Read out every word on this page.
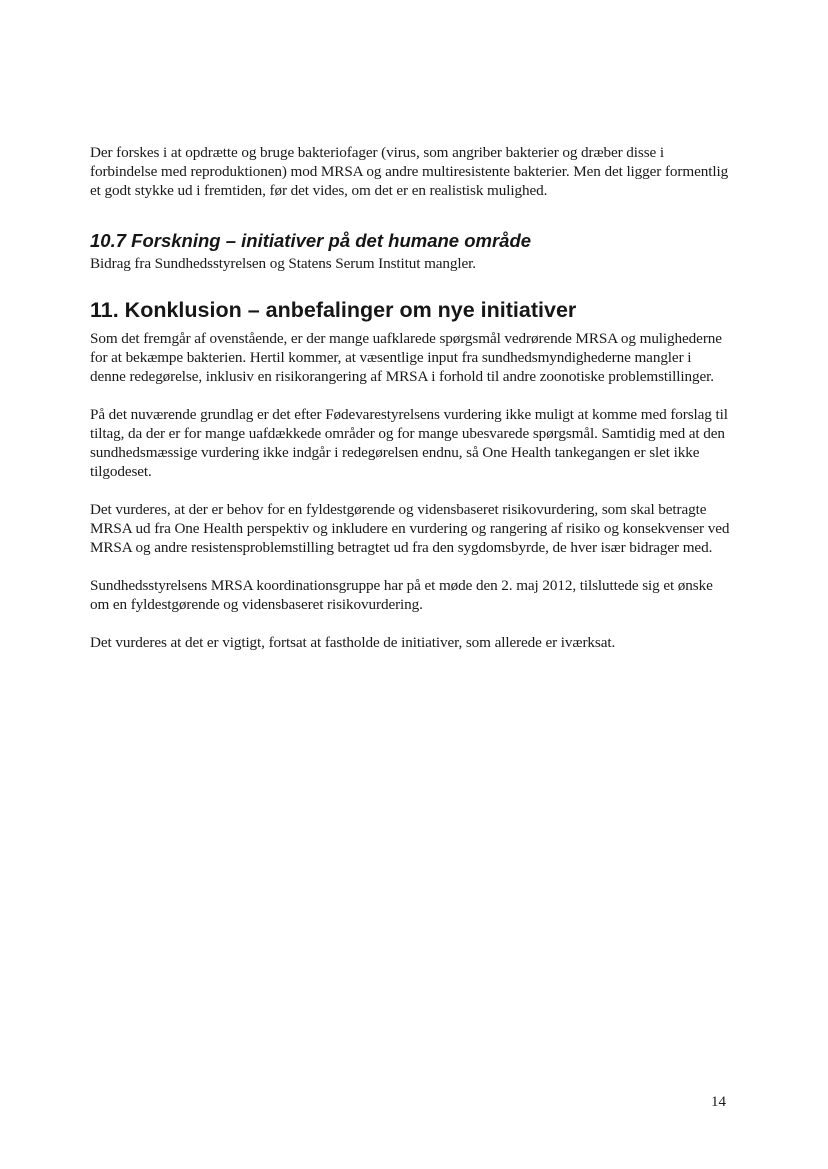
Der forskes i at opdrætte og bruge bakteriofager (virus, som angriber bakterier og dræber disse i forbindelse med reproduktionen) mod MRSA og andre multiresistente bakterier. Men det ligger formentlig et godt stykke ud i fremtiden, før det vides, om det er en realistisk mulighed.

10.7 Forskning – initiativer på det humane område

Bidrag fra Sundhedsstyrelsen og Statens Serum Institut mangler.

11. Konklusion – anbefalinger om nye initiativer

Som det fremgår af ovenstående, er der mange uafklarede spørgsmål vedrørende MRSA og mulighederne for at bekæmpe bakterien. Hertil kommer, at væsentlige input fra sundhedsmyndighederne mangler i denne redegørelse, inklusiv en risikorangering af MRSA i forhold til andre zoonotiske problemstillinger.

På det nuværende grundlag er det efter Fødevarestyrelsens vurdering ikke muligt at komme med forslag til tiltag, da der er for mange uafdækkede områder og for mange ubesvarede spørgsmål. Samtidig med at den sundhedsmæssige vurdering ikke indgår i redegørelsen endnu, så One Health tankegangen er slet ikke tilgodeset.

Det vurderes, at der er behov for en fyldestgørende og vidensbaseret risikovurdering, som skal betragte MRSA ud fra One Health perspektiv og inkludere en vurdering og rangering af risiko og konsekvenser ved MRSA og andre resistensproblemstilling betragtet ud fra den sygdomsbyrde, de hver især bidrager med.

Sundhedsstyrelsens MRSA koordinationsgruppe har på et møde den 2. maj 2012, tilsluttede sig et ønske om en fyldestgørende og vidensbaseret risikovurdering.

Det vurderes at det er vigtigt, fortsat at fastholde de initiativer, som allerede er iværksat.

14
